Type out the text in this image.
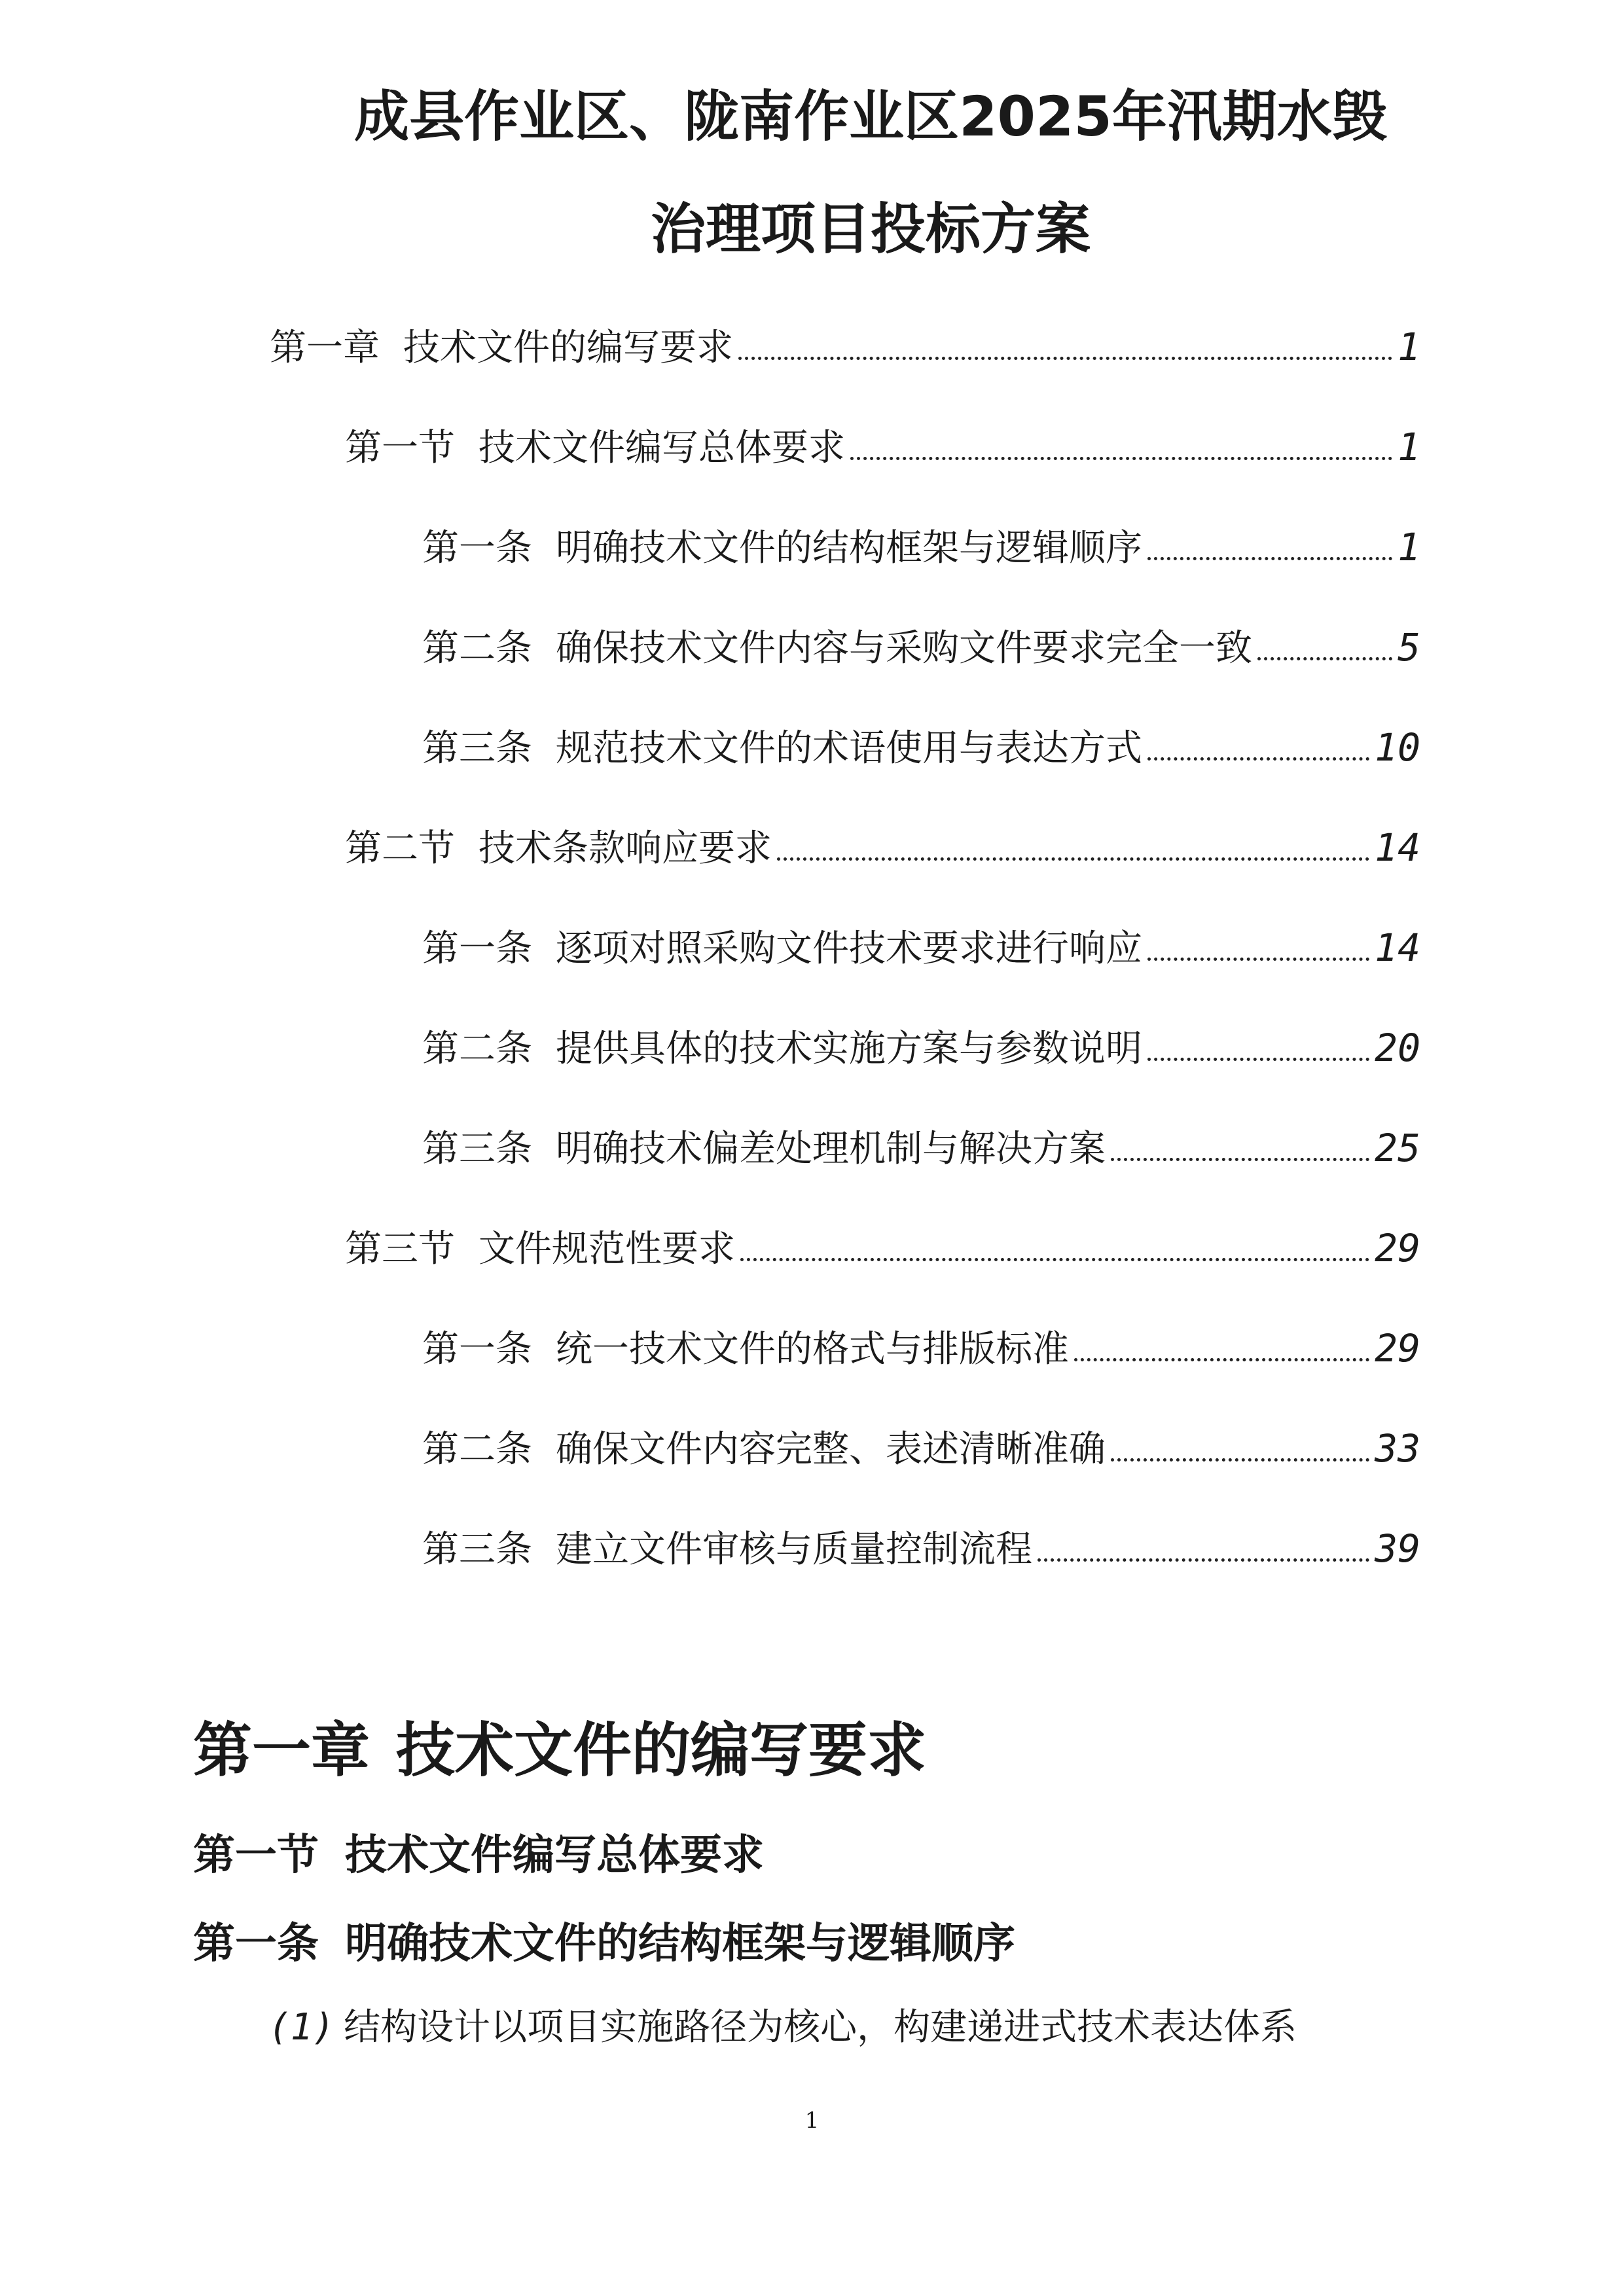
成县作业区、陇南作业区2025年汛期水毁
治理项目投标方案
第一章 技术文件的编写要求	1
第一节 技术文件编写总体要求	1
第一条 明确技术文件的结构框架与逻辑顺序	1
第二条 确保技术文件内容与采购文件要求完全一致	5
第三条 规范技术文件的术语使用与表达方式	10
第二节 技术条款响应要求	14
第一条 逐项对照采购文件技术要求进行响应	14
第二条 提供具体的技术实施方案与参数说明	20
第三条 明确技术偏差处理机制与解决方案	25
第三节 文件规范性要求	29
第一条 统一技术文件的格式与排版标准	29
第二条 确保文件内容完整、表述清晰准确	33
第三条 建立文件审核与质量控制流程	39
第一章 技术文件的编写要求
第一节 技术文件编写总体要求
第一条 明确技术文件的结构框架与逻辑顺序

(1) 结构设计以项目实施路径为核心，构建递进式技术表达体系

1
